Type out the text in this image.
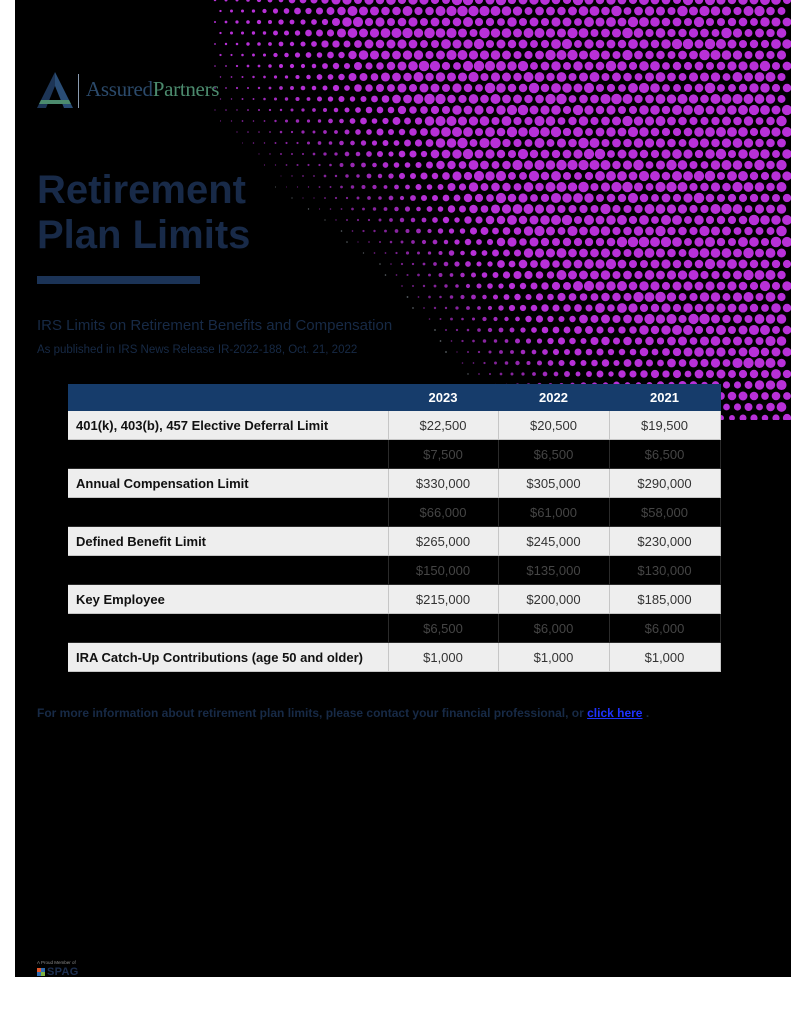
AssuredPartners
Retirement
Plan Limits
IRS Limits on Retirement Benefits and Compensation
As published in IRS News Release IR-2022-188, Oct. 21, 2022
	2023	2022	2021
401(k), 403(b), 457 Elective Deferral Limit	$22,500	$20,500	$19,500
	$7,500	$6,500	$6,500
Annual Compensation Limit	$330,000	$305,000	$290,000
	$66,000	$61,000	$58,000
Defined Benefit Limit	$265,000	$245,000	$230,000
	$150,000	$135,000	$130,000
Key Employee	$215,000	$200,000	$185,000
	$6,500	$6,000	$6,000
IRA Catch-Up Contributions (age 50 and older)	$1,000	$1,000	$1,000
For more information about retirement plan limits, please contact your financial professional, or click here .
A Proud Member of
SPAG
